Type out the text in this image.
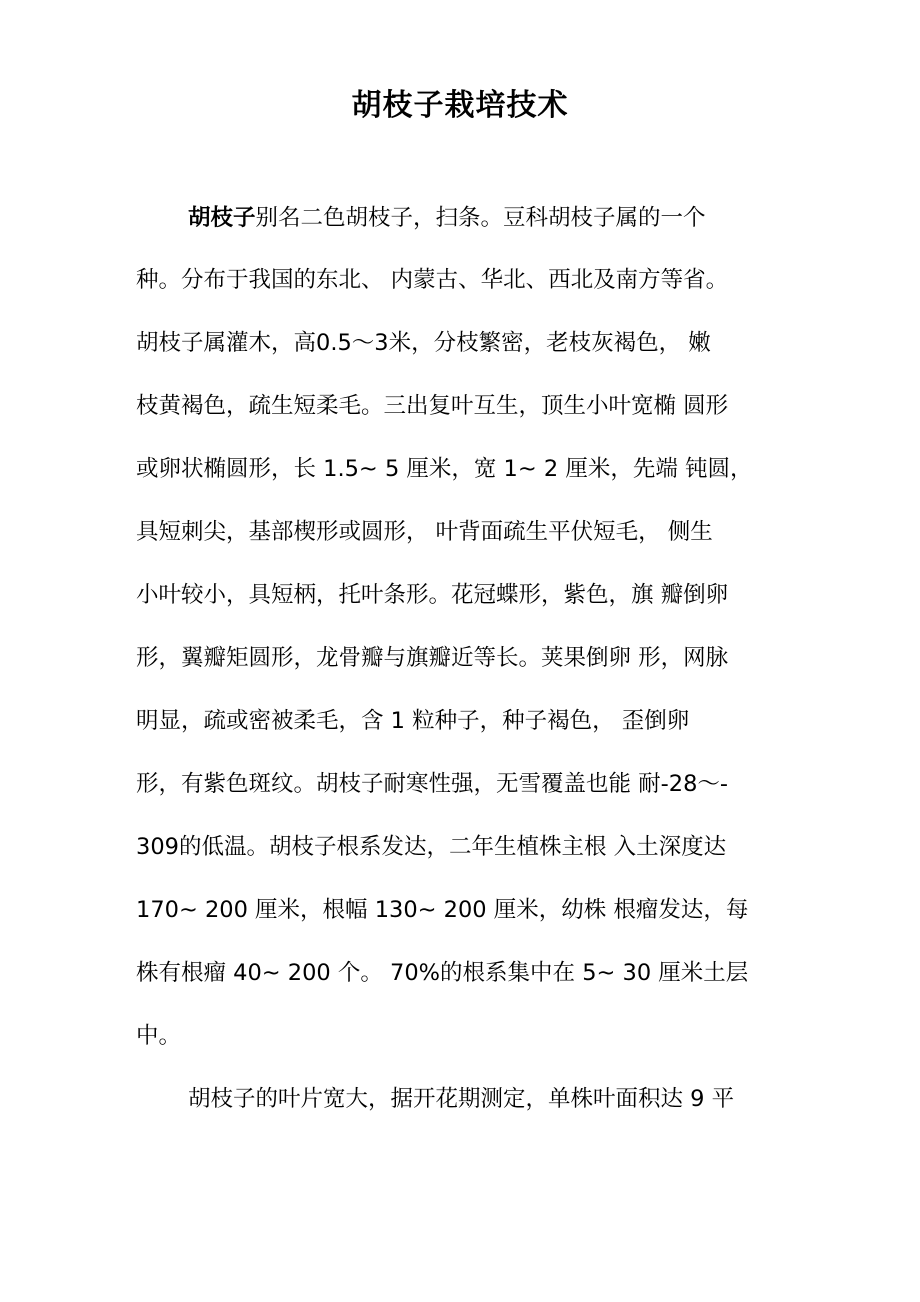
胡枝子栽培技术
胡枝子别名二色胡枝子，扫条。豆科胡枝子属的一个
种。分布于我国的东北、 内蒙古、华北、西北及南方等省。
胡枝子属灌木，高0.5～3米，分枝繁密，老枝灰褐色， 嫩
枝黄褐色，疏生短柔毛。三出复叶互生，顶生小叶宽椭 圆形
或卵状椭圆形，长 1.5~ 5 厘米，宽 1~ 2 厘米，先端 钝圆，
具短刺尖，基部楔形或圆形， 叶背面疏生平伏短毛， 侧生
小叶较小，具短柄，托叶条形。花冠蝶形，紫色，旗 瓣倒卵
形，翼瓣矩圆形，龙骨瓣与旗瓣近等长。荚果倒卵 形，网脉
明显，疏或密被柔毛，含 1 粒种子，种子褐色， 歪倒卵
形，有紫色斑纹。胡枝子耐寒性强，无雪覆盖也能 耐-28～-
309的低温。胡枝子根系发达，二年生植株主根 入土深度达
170~ 200 厘米，根幅 130~ 200 厘米，幼株 根瘤发达，每
株有根瘤 40~ 200 个。 70%的根系集中在 5~ 30 厘米土层
中。
胡枝子的叶片宽大，据开花期测定，单株叶面积达 9 平
